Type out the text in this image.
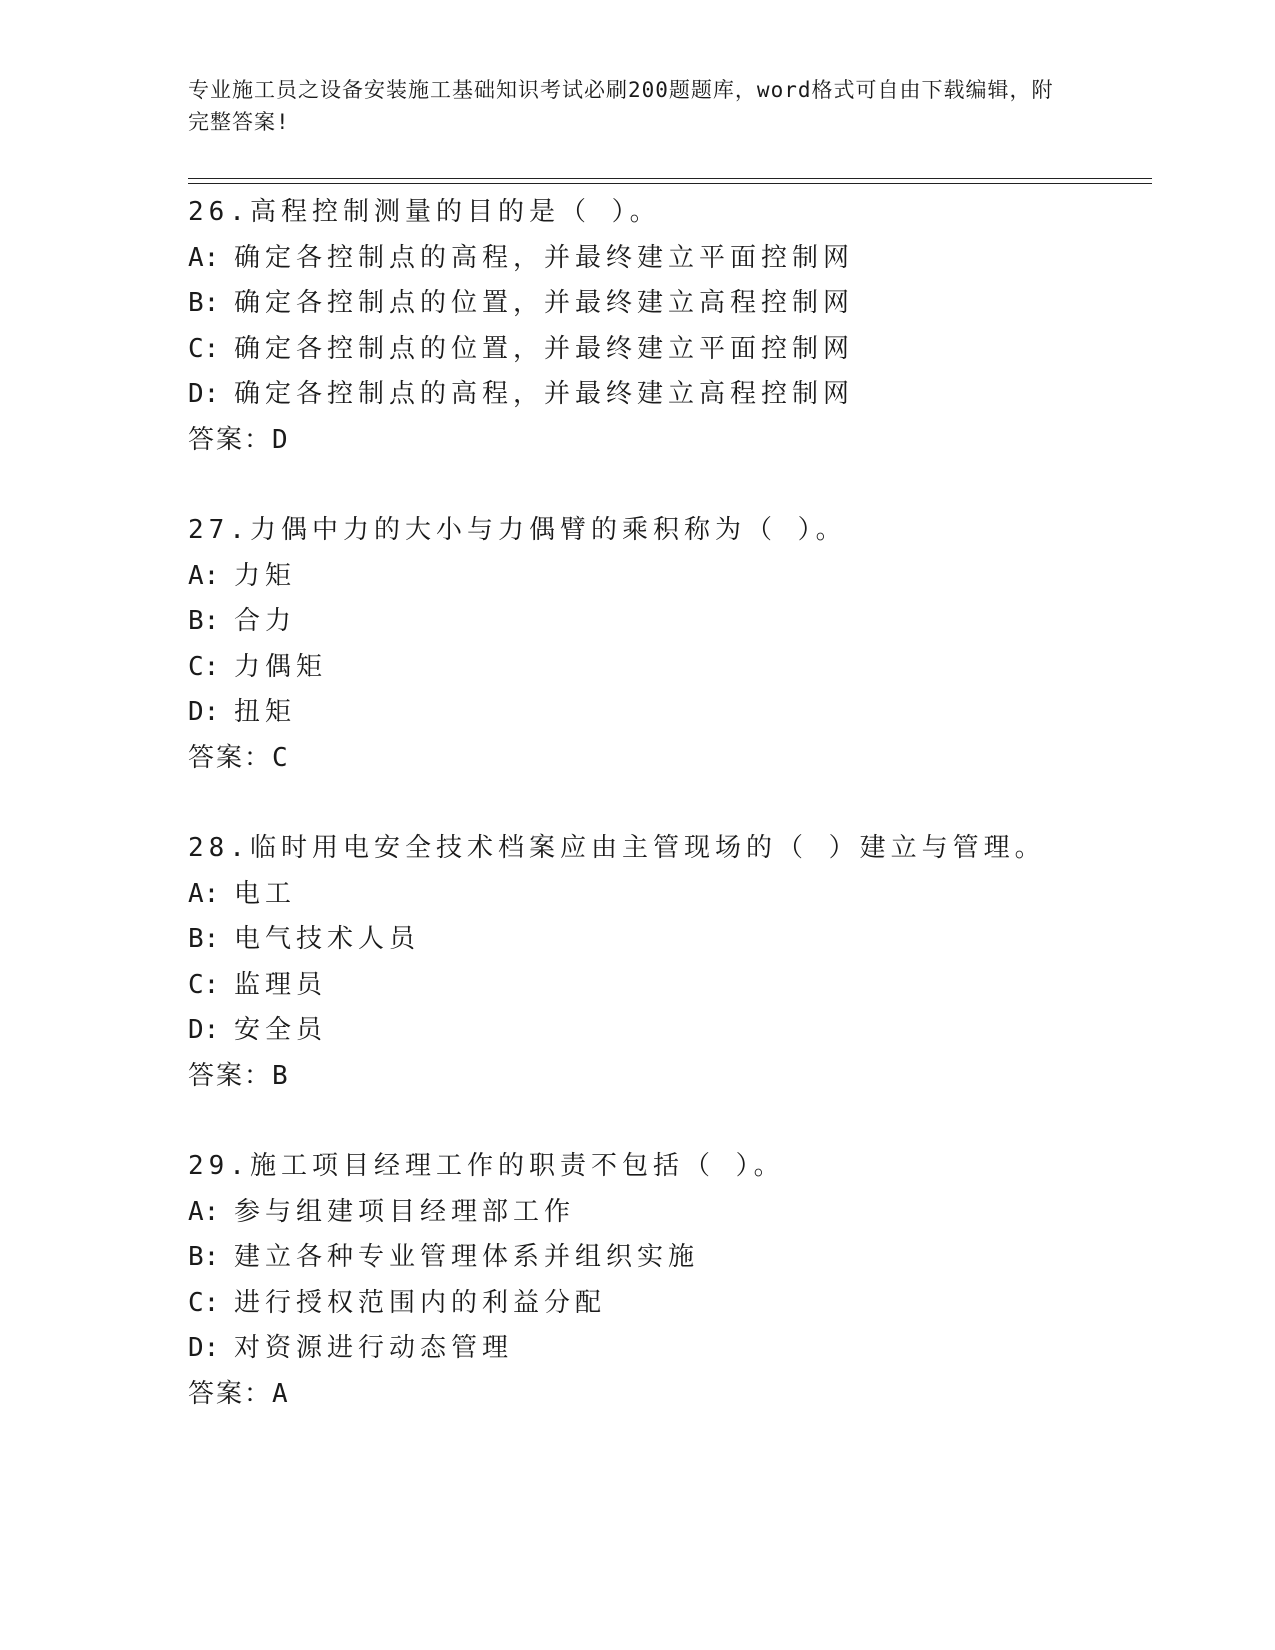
专业施工员之设备安装施工基础知识考试必刷200题题库，word格式可自由下载编辑，附完整答案!
26.高程控制测量的目的是（ ）。
A: 确定各控制点的高程，并最终建立平面控制网
B: 确定各控制点的位置，并最终建立高程控制网
C: 确定各控制点的位置，并最终建立平面控制网
D: 确定各控制点的高程，并最终建立高程控制网
答案：D
27.力偶中力的大小与力偶臂的乘积称为（ ）。
A: 力矩
B: 合力
C: 力偶矩
D: 扭矩
答案：C
28.临时用电安全技术档案应由主管现场的（ ）建立与管理。
A: 电工
B: 电气技术人员
C: 监理员
D: 安全员
答案：B
29.施工项目经理工作的职责不包括（ ）。
A: 参与组建项目经理部工作
B: 建立各种专业管理体系并组织实施
C: 进行授权范围内的利益分配
D: 对资源进行动态管理
答案：A
